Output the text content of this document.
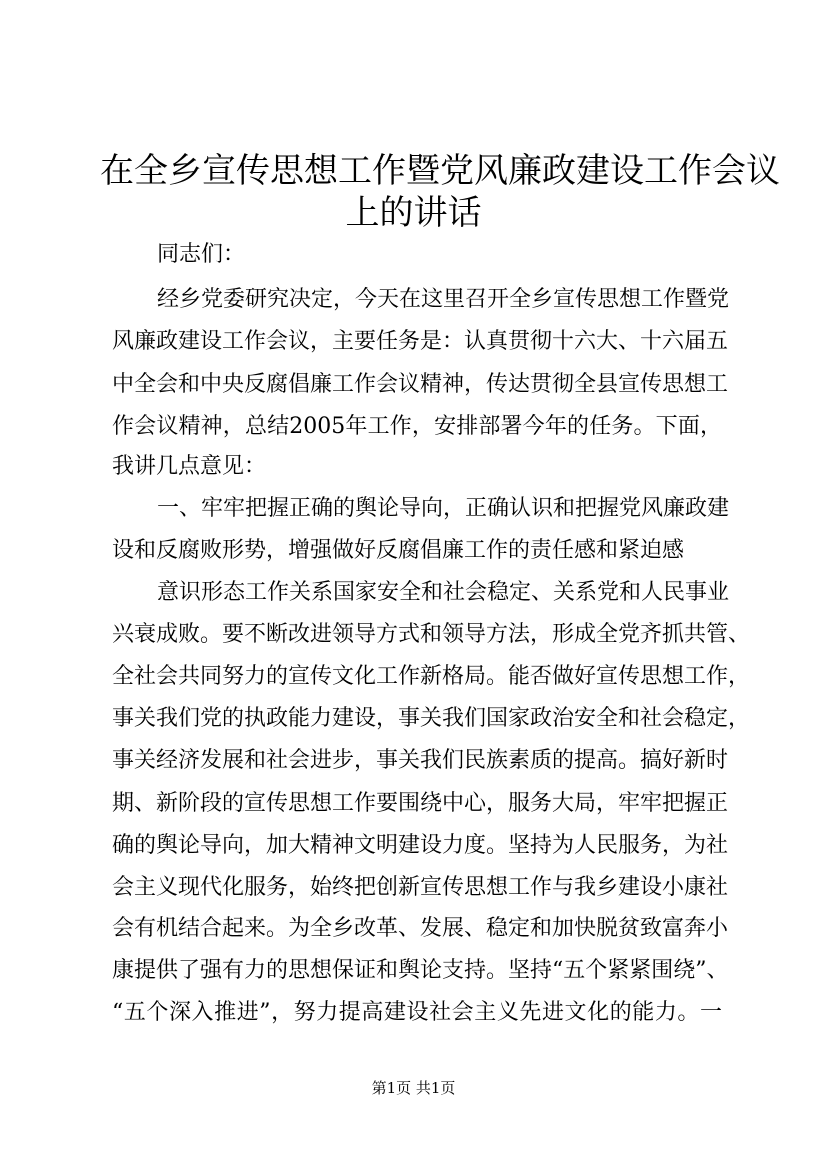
在全乡宣传思想工作暨党风廉政建设工作会议
上的讲话

同志们：

经乡党委研究决定，今天在这里召开全乡宣传思想工作暨党

风廉政建设工作会议，主要任务是：认真贯彻十六大、十六届五

中全会和中央反腐倡廉工作会议精神，传达贯彻全县宣传思想工

作会议精神，总结2005年工作，安排部署今年的任务。下面，

我讲几点意见：

一、牢牢把握正确的舆论导向，正确认识和把握党风廉政建

设和反腐败形势，增强做好反腐倡廉工作的责任感和紧迫感

意识形态工作关系国家安全和社会稳定、关系党和人民事业

兴衰成败。要不断改进领导方式和领导方法，形成全党齐抓共管、

全社会共同努力的宣传文化工作新格局。能否做好宣传思想工作，

事关我们党的执政能力建设，事关我们国家政治安全和社会稳定，

事关经济发展和社会进步，事关我们民族素质的提高。搞好新时

期、新阶段的宣传思想工作要围绕中心，服务大局，牢牢把握正

确的舆论导向，加大精神文明建设力度。坚持为人民服务，为社

会主义现代化服务，始终把创新宣传思想工作与我乡建设小康社

会有机结合起来。为全乡改革、发展、稳定和加快脱贫致富奔小

康提供了强有力的思想保证和舆论支持。坚持“五个紧紧围绕”、

“五个深入推进”，努力提高建设社会主义先进文化的能力。一

第1页 共1页
